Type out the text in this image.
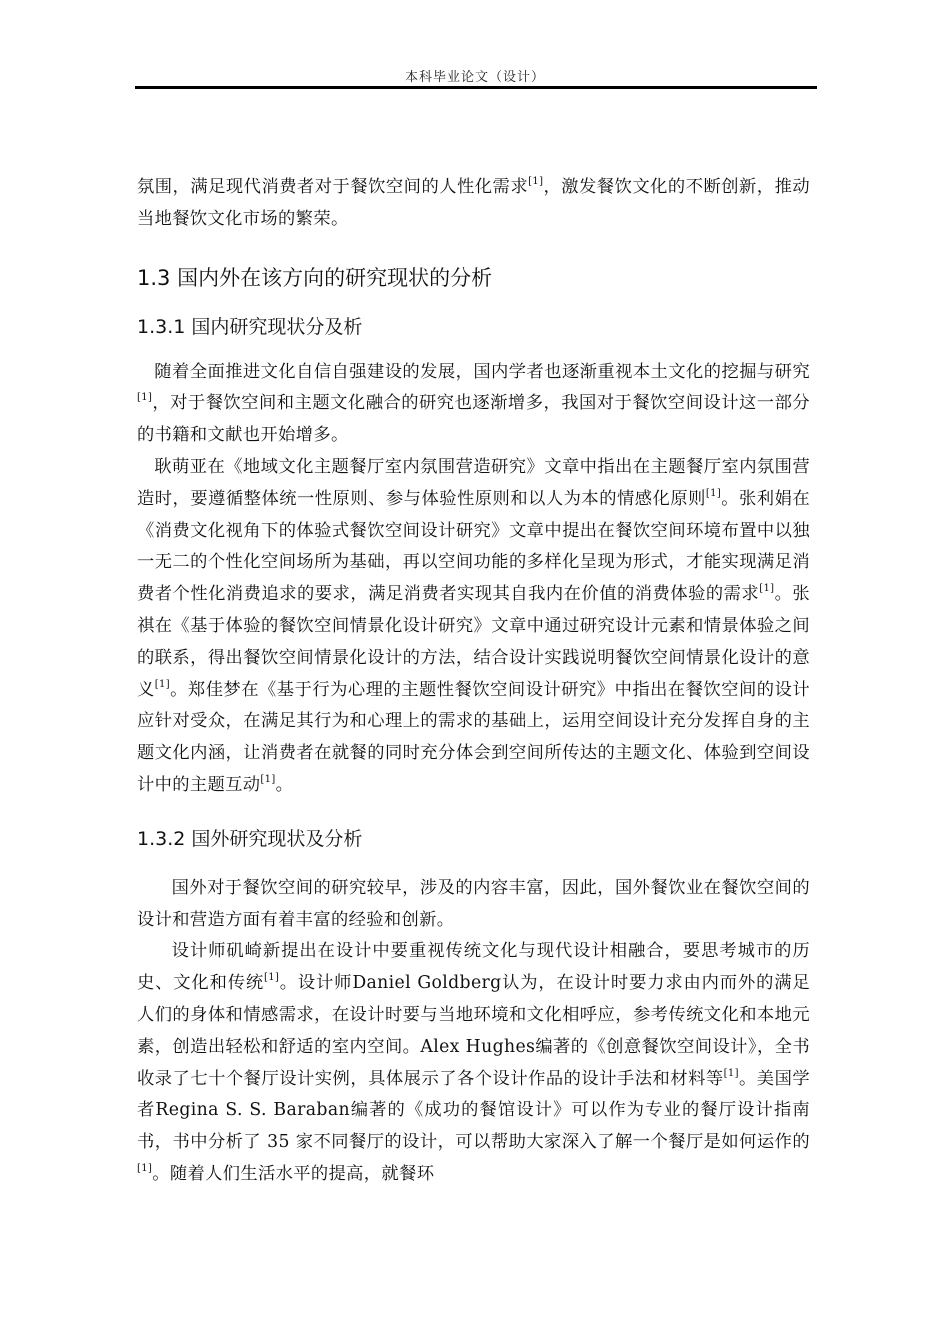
本科毕业论文（设计）

氛围，满足现代消费者对于餐饮空间的人性化需求[1]，激发餐饮文化的不断创新，推动当地餐饮文化市场的繁荣。

1.3 国内外在该方向的研究现状的分析
1.3.1 国内研究现状分及析

随着全面推进文化自信自强建设的发展，国内学者也逐渐重视本土文化的挖掘与研究[1]，对于餐饮空间和主题文化融合的研究也逐渐增多，我国对于餐饮空间设计这一部分的书籍和文献也开始增多。

耿萌亚在《地域文化主题餐厅室内氛围营造研究》文章中指出在主题餐厅室内氛围营造时，要遵循整体统一性原则、参与体验性原则和以人为本的情感化原则[1]。张利娟在《消费文化视角下的体验式餐饮空间设计研究》文章中提出在餐饮空间环境布置中以独一无二的个性化空间场所为基础，再以空间功能的多样化呈现为形式，才能实现满足消费者个性化消费追求的要求，满足消费者实现其自我内在价值的消费体验的需求[1]。张祺在《基于体验的餐饮空间情景化设计研究》文章中通过研究设计元素和情景体验之间的联系，得出餐饮空间情景化设计的方法，结合设计实践说明餐饮空间情景化设计的意义[1]。郑佳梦在《基于行为心理的主题性餐饮空间设计研究》中指出在餐饮空间的设计应针对受众，在满足其行为和心理上的需求的基础上，运用空间设计充分发挥自身的主题文化内涵，让消费者在就餐的同时充分体会到空间所传达的主题文化、体验到空间设计中的主题互动[1]。

1.3.2 国外研究现状及分析

国外对于餐饮空间的研究较早，涉及的内容丰富，因此，国外餐饮业在餐饮空间的设计和营造方面有着丰富的经验和创新。

设计师矶崎新提出在设计中要重视传统文化与现代设计相融合，要思考城市的历史、文化和传统[1]。设计师Daniel Goldberg认为，在设计时要力求由内而外的满足人们的身体和情感需求，在设计时要与当地环境和文化相呼应，参考传统文化和本地元素，创造出轻松和舒适的室内空间。Alex Hughes编著的《创意餐饮空间设计》，全书收录了七十个餐厅设计实例，具体展示了各个设计作品的设计手法和材料等[1]。美国学者Regina S. S. Baraban编著的《成功的餐馆设计》可以作为专业的餐厅设计指南书，书中分析了 35 家不同餐厅的设计，可以帮助大家深入了解一个餐厅是如何运作的[1]。随着人们生活水平的提高，就餐环
